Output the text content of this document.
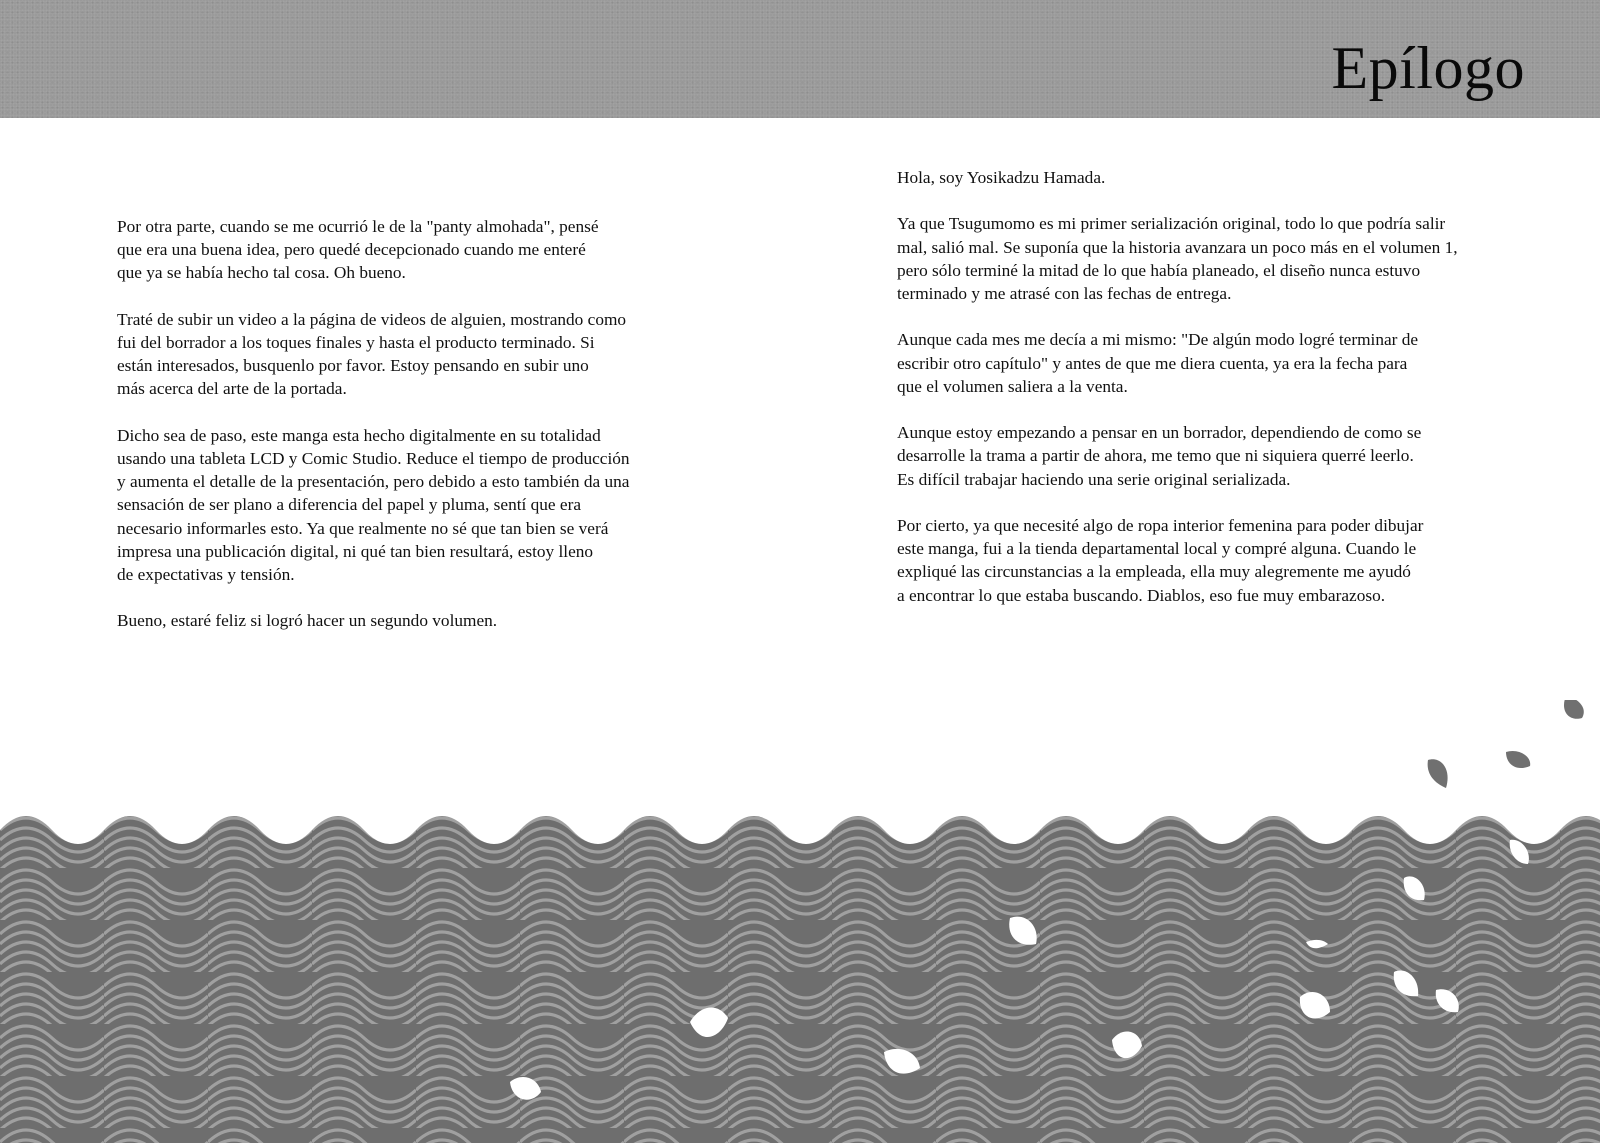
Epílogo

Por otra parte, cuando se me ocurrió le de la "panty almohada", pensé
que era una buena idea, pero quedé decepcionado cuando me enteré
que ya se había hecho tal cosa. Oh bueno.

Traté de subir un video a la página de videos de alguien, mostrando como
fui del borrador a los toques finales y hasta el producto terminado. Si
están interesados, busquenlo por favor. Estoy pensando en subir uno
más acerca del arte de la portada.

Dicho sea de paso, este manga esta hecho digitalmente en su totalidad
usando una tableta LCD y Comic Studio. Reduce el tiempo de producción
y aumenta el detalle de la presentación, pero debido a esto también da una
sensación de ser plano a diferencia del papel y pluma, sentí que era
necesario informarles esto. Ya que realmente no sé que tan bien se verá
impresa una publicación digital, ni qué tan bien resultará, estoy lleno
de expectativas y tensión.

Bueno, estaré feliz si logró hacer un segundo volumen.

Hola, soy Yosikadzu Hamada.

Ya que Tsugumomo es mi primer serialización original, todo lo que podría salir
mal, salió mal. Se suponía que la historia avanzara un poco más en el volumen 1,
pero sólo terminé la mitad de lo que había planeado, el diseño nunca estuvo
terminado y me atrasé con las fechas de entrega.

Aunque cada mes me decía a mi mismo: "De algún modo logré terminar de
escribir otro capítulo" y antes de que me diera cuenta, ya era la fecha para
que el volumen saliera a la venta.

Aunque estoy empezando a pensar en un borrador, dependiendo de como se
desarrolle la trama a partir de ahora, me temo que ni siquiera querré leerlo.
Es difícil trabajar haciendo una serie original serializada.

Por cierto, ya que necesité algo de ropa interior femenina para poder dibujar
este manga, fui a la tienda departamental local y compré alguna. Cuando le
expliqué las circunstancias a la empleada, ella muy alegremente me ayudó
a encontrar lo que estaba buscando. Diablos, eso fue muy embarazoso.
